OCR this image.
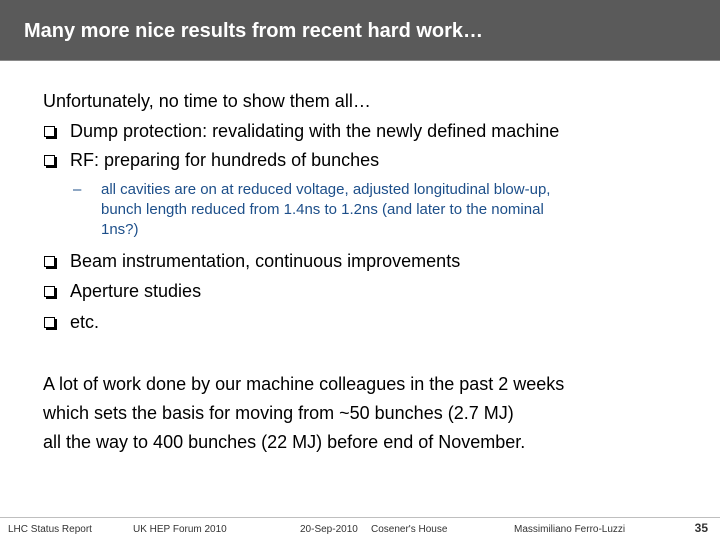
Many more nice results from recent hard work…
Unfortunately, no time to show them all…
Dump protection: revalidating with the newly defined machine
RF: preparing for hundreds of bunches
– all cavities are on at reduced voltage, adjusted longitudinal blow-up,
bunch length reduced from 1.4ns to 1.2ns (and later to the nominal
1ns?)
Beam instrumentation, continuous improvements
Aperture studies
etc.
A lot of work done by our machine colleagues in the past 2 weeks
which sets the basis for moving from ~50 bunches (2.7 MJ)
all the way to 400 bunches (22 MJ) before end of November.
LHC Status Report	UK HEP Forum 2010	20-Sep-2010 Cosener's House	Massimiliano Ferro-Luzzi	35
